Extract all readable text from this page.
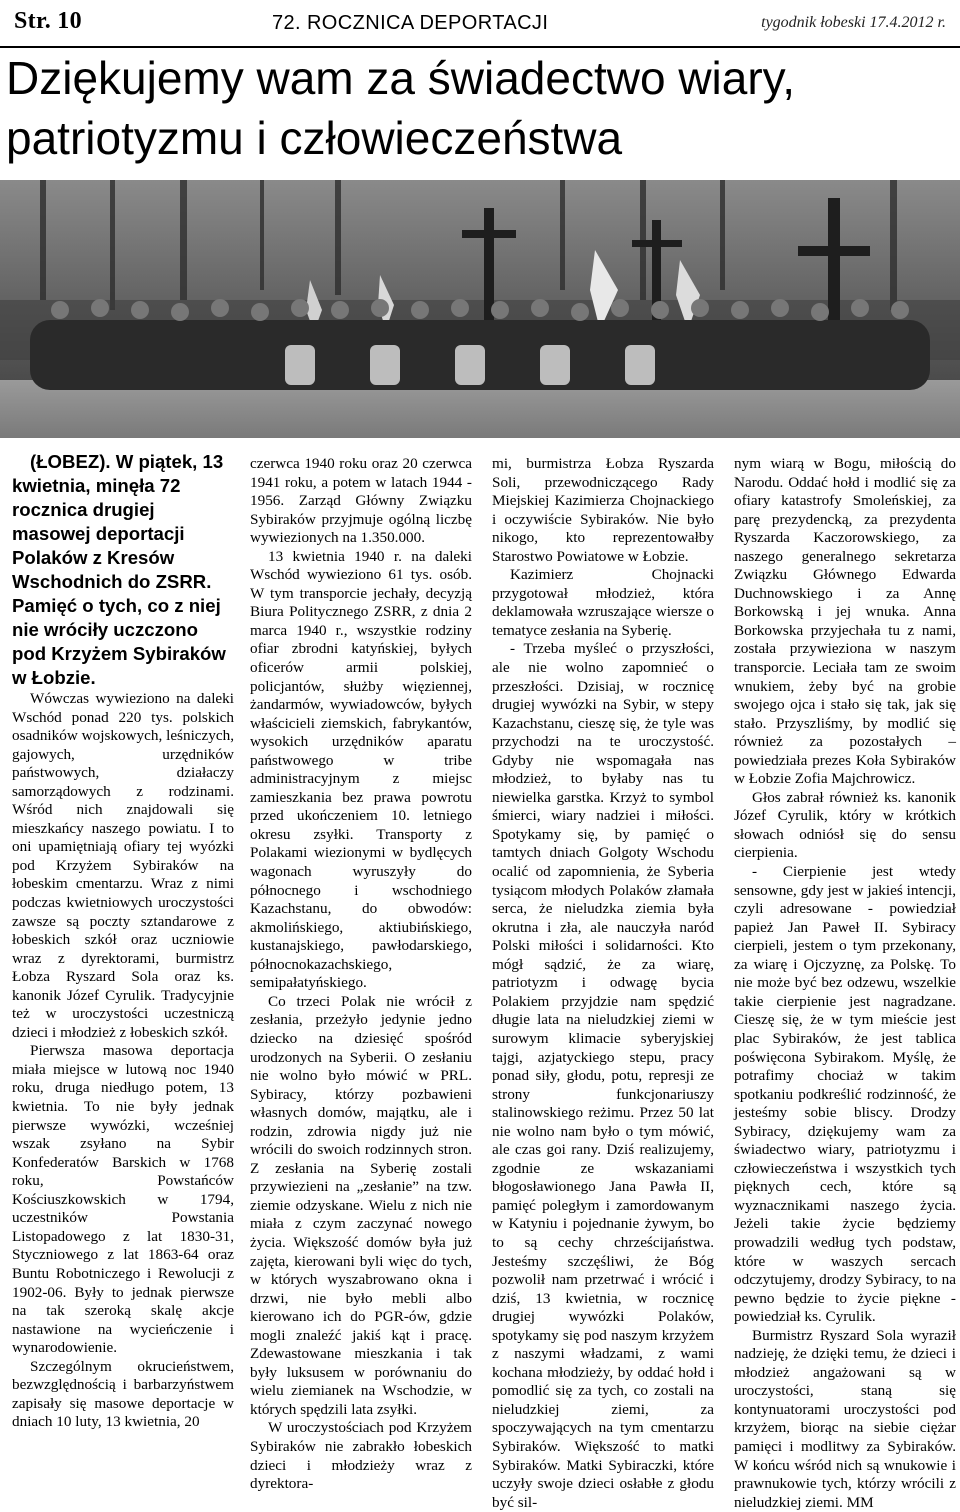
Str. 10	72. ROCZNICA DEPORTACJI	tygodnik łobeski 17.4.2012 r.
Dziękujemy wam za świadectwo wiary, patriotyzmu i człowieczeństwa

(ŁOBEZ). W piątek, 13 kwietnia, minęła 72 rocznica drugiej masowej deportacji Polaków z Kresów Wschodnich do ZSRR. Pamięć o tych, co z niej nie wróciły uczczono pod Krzyżem Sybiraków w Łobzie.

Wówczas wywieziono na daleki Wschód ponad 220 tys. polskich osadników wojskowych, leśniczych, gajowych, urzędników państwowych, działaczy samorządowych z rodzinami. Wśród nich znajdowali się mieszkańcy naszego powiatu. I to oni upamiętniają ofiary tej wyózki pod Krzyżem Sybiraków na łobeskim cmentarzu. Wraz z nimi podczas kwietniowych uroczystości zawsze są poczty sztandarowe z łobeskich szkół oraz uczniowie wraz z dyrektorami, burmistrz Łobza Ryszard Sola oraz ks. kanonik Józef Cyrulik. Tradycyjnie też w uroczystości uczestniczą dzieci i młodzież z łobeskich szkół.

Pierwsza masowa deportacja miała miejsce w lutową noc 1940 roku, druga niedługo potem, 13 kwietnia. To nie były jednak pierwsze wywózki, wcześniej wszak zsyłano na Sybir Konfederatów Barskich w 1768 roku, Powstańców Kościuszkowskich w 1794, uczestników Powstania Listopadowego z lat 1830-31, Styczniowego z lat 1863-64 oraz Buntu Robotniczego i Rewolucji z 1902-06. Były to jednak pierwsze na tak szeroką skalę akcje nastawione na wycieńczenie i wynarodowienie.

Szczególnym okrucieństwem, bezwzględnością i barbarzyństwem zapisały się masowe deportacje w dniach 10 luty, 13 kwietnia, 20

czerwca 1940 roku oraz 20 czerwca 1941 roku, a potem w latach 1944 - 1956. Zarząd Główny Związku Sybiraków przyjmuje ogólną liczbę wywiezionych na 1.350.000.

13 kwietnia 1940 r. na daleki Wschód wywieziono 61 tys. osób. W tym transporcie jechały, decyzją Biura Politycznego ZSRR, z dnia 2 marca 1940 r., wszystkie rodziny ofiar zbrodni katyńskiej, byłych oficerów armii polskiej, policjantów, służby więziennej, żandarmów, wywiadowców, byłych właścicieli ziemskich, fabrykantów, wysokich urzędników aparatu państwowego w tribe administracyjnym z miejsc zamieszkania bez prawa powrotu przed ukończeniem 10. letniego okresu zsyłki. Transporty z Polakami wiezionymi w bydlęcych wagonach wyruszyły do północnego i wschodniego Kazachstanu, do obwodów: akmolińskiego, aktiubińskiego, kustanajskiego, pawłodarskiego, północnokazachskiego, semipałatyńskiego.

Co trzeci Polak nie wrócił z zesłania, przeżyło jedynie jedno dziecko na dziesięć spośród urodzonych na Syberii. O zesłaniu nie wolno było mówić w PRL. Sybiracy, którzy pozbawieni własnych domów, majątku, ale i rodzin, zdrowia nigdy już nie wrócili do swoich rodzinnych stron. Z zesłania na Syberię zostali przywiezieni na „zesłanie” na tzw. ziemie odzyskane. Wielu z nich nie miała z czym zaczynać nowego życia. Większość domów była już zajęta, kierowani byli więc do tych, w których wyszabrowano okna i drzwi, nie było mebli albo kierowano ich do PGR-ów, gdzie mogli znaleźć jakiś kąt i pracę. Zdewastowane mieszkania i tak były luksusem w porównaniu do wielu ziemianek na Wschodzie, w których spędzili lata zsyłki.

W uroczystościach pod Krzyżem Sybiraków nie zabrakło łobeskich dzieci i młodzieży wraz z dyrektora-

mi, burmistrza Łobza Ryszarda Soli, przewodniczącego Rady Miejskiej Kazimierza Chojnackiego i oczywiście Sybiraków. Nie było nikogo, kto reprezentowałby Starostwo Powiatowe w Łobzie.

Kazimierz Chojnacki przygotował młodzież, która deklamowała wzruszające wiersze o tematyce zesłania na Syberię.

- Trzeba myśleć o przyszłości, ale nie wolno zapomnieć o przeszłości. Dzisiaj, w rocznicę drugiej wywózki na Sybir, w stepy Kazachstanu, cieszę się, że tyle was przychodzi na te uroczystość. Gdyby nie wspomagała nas młodzież, to byłaby nas tu niewielka garstka. Krzyż to symbol śmierci, wiary nadziei i miłości. Spotykamy się, by pamięć o tamtych dniach Golgoty Wschodu ocalić od zapomnienia, że Syberia tysiącom młodych Polaków złamała serca, że nieludzka ziemia była okrutna i zła, ale nauczyła naród Polski miłości i solidarności. Kto mógł sądzić, że za wiarę, patriotyzm i odwagę bycia Polakiem przyjdzie nam spędzić długie lata na nieludzkiej ziemi w surowym klimacie syberyjskiej tajgi, azjatyckiego stepu, pracy ponad siły, głodu, potu, represji ze strony funkcjonariuszy stalinowskiego reżimu. Przez 50 lat nie wolno nam było o tym mówić, ale czas goi rany. Dziś realizujemy, zgodnie ze wskazaniami błogosławionego Jana Pawła II, pamięć poległym i zamordowanym w Katyniu i pojednanie żywym, bo to są cechy chrześcijaństwa. Jesteśmy szczęśliwi, że Bóg pozwolił nam przetrwać i wrócić i dziś, 13 kwietnia, w rocznicę drugiej wywózki Polaków, spotykamy się pod naszym krzyżem z naszymi władzami, z wami kochana młodzieży, by oddać hołd i pomodlić się za tych, co zostali na nieludzkiej ziemi, za spoczywających na tym cmentarzu Sybiraków. Większość to matki Sybiraków. Matki Sybiraczki, które uczyły swoje dzieci osłabłe z głodu być sil-

nym wiarą w Bogu, miłością do Narodu. Oddać hołd i modlić się za ofiary katastrofy Smoleńskiej, za parę prezydencką, za prezydenta Ryszarda Kaczorowskiego, za naszego generalnego sekretarza Związku Głównego Edwarda Duchnowskiego i za Annę Borkowską i jej wnuka. Anna Borkowska przyjechała tu z nami, została przywieziona w naszym transporcie. Leciała tam ze swoim wnukiem, żeby być na grobie swojego ojca i stało się tak, jak się stało. Przyszliśmy, by modlić się również za pozostałych – powiedziała prezes Koła Sybiraków w Łobzie Zofia Majchrowicz.

Głos zabrał również ks. kanonik Józef Cyrulik, który w krótkich słowach odniósł się do sensu cierpienia.

- Cierpienie jest wtedy sensowne, gdy jest w jakieś intencji, czyli adresowane - powiedział papież Jan Paweł II. Sybiracy cierpieli, jestem o tym przekonany, za wiarę i Ojczyznę, za Polskę. To nie może być bez odzewu, wszelkie takie cierpienie jest nagradzane. Cieszę się, że w tym mieście jest plac Sybiraków, że jest tablica poświęcona Sybirakom. Myślę, że potrafimy chociaż w takim spotkaniu podkreślić rodzinność, że jesteśmy sobie bliscy. Drodzy Sybiracy, dziękujemy wam za świadectwo wiary, patriotyzmu i człowieczeństwa i wszystkich tych pięknych cech, które są wyznacznikami naszego życia. Jeżeli takie życie będziemy prowadzili według tych podstaw, które w waszych sercach odczytujemy, drodzy Sybiracy, to na pewno będzie to życie piękne - powiedział ks. Cyrulik.

Burmistrz Ryszard Sola wyraził nadzieję, że dzięki temu, że dzieci i młodzież angażowani są w uroczystości, staną się kontynuatorami uroczystości pod krzyżem, biorąc na siebie ciężar pamięci i modlitwy za Sybiraków. W końcu wśród nich są wnukowie i prawnukowie tych, którzy wrócili z nieludzkiej ziemi. MM
